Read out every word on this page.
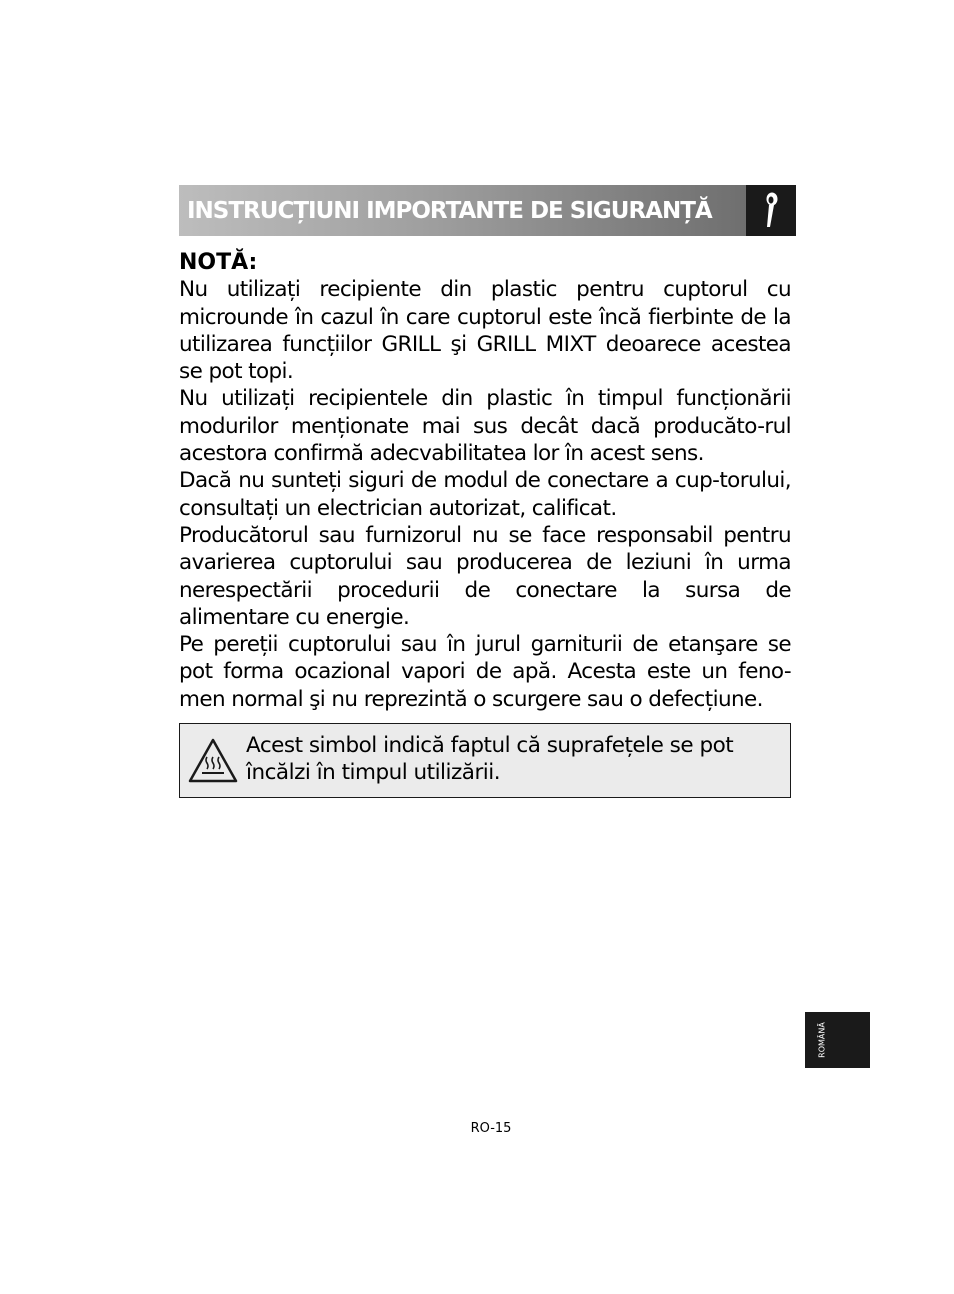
INSTRUCȚIUNI IMPORTANTE DE SIGURANȚĂ
NOTĂ:

Nu utilizați recipiente din plastic pentru cuptorul cu microunde în cazul în care cuptorul este încă fierbinte de la utilizarea funcțiilor GRILL şi GRILL MIXT deoarece acestea se pot topi.

Nu utilizați recipientele din plastic în timpul funcționării modurilor menționate mai sus decât dacă producăto-rul acestora confirmă adecvabilitatea lor în acest sens.

Dacă nu sunteți siguri de modul de conectare a cup-torului, consultați un electrician autorizat, calificat.

Producătorul sau furnizorul nu se face responsabil pentru avarierea cuptorului sau producerea de leziuni în urma nerespectării procedurii de conectare la sursa de alimentare cu energie.

Pe pereții cuptorului sau în jurul garniturii de etanşare se pot forma ocazional vapori de apă. Acesta este un feno-men normal şi nu reprezintă o scurgere sau o defecțiune.

Acest simbol indică faptul că suprafețele se pot încălzi în timpul utilizării.
ROMÂNĂ
RO-15
